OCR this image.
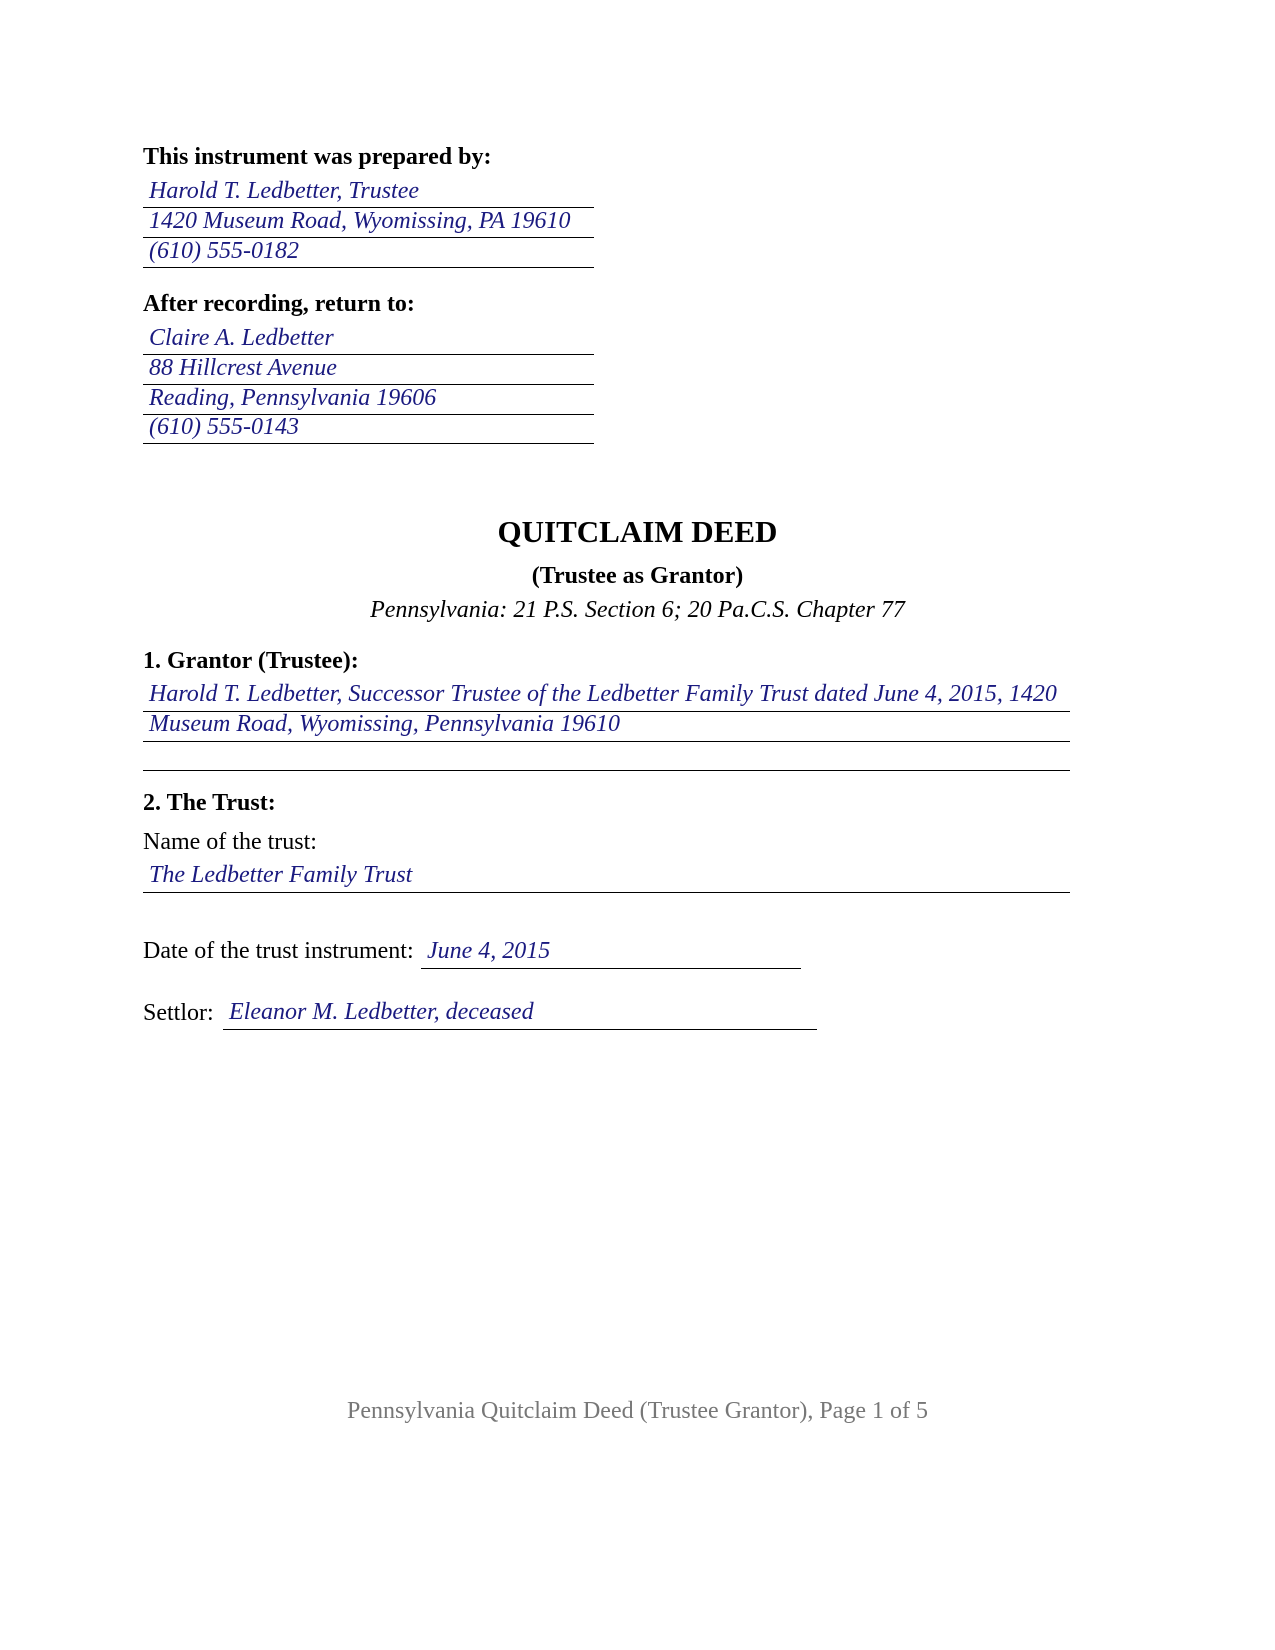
This instrument was prepared by:
Harold T. Ledbetter, Trustee
1420 Museum Road, Wyomissing, PA 19610
(610) 555-0182
After recording, return to:
Claire A. Ledbetter
88 Hillcrest Avenue
Reading, Pennsylvania 19606
(610) 555-0143
QUITCLAIM DEED
(Trustee as Grantor)
Pennsylvania: 21 P.S. Section 6; 20 Pa.C.S. Chapter 77
1. Grantor (Trustee):
Harold T. Ledbetter, Successor Trustee of the Ledbetter Family Trust dated June 4, 2015, 1420
Museum Road, Wyomissing, Pennsylvania 19610
2. The Trust:
Name of the trust:
The Ledbetter Family Trust
Date of the trust instrument: June 4, 2015
Settlor: Eleanor M. Ledbetter, deceased
Pennsylvania Quitclaim Deed (Trustee Grantor), Page 1 of 5
